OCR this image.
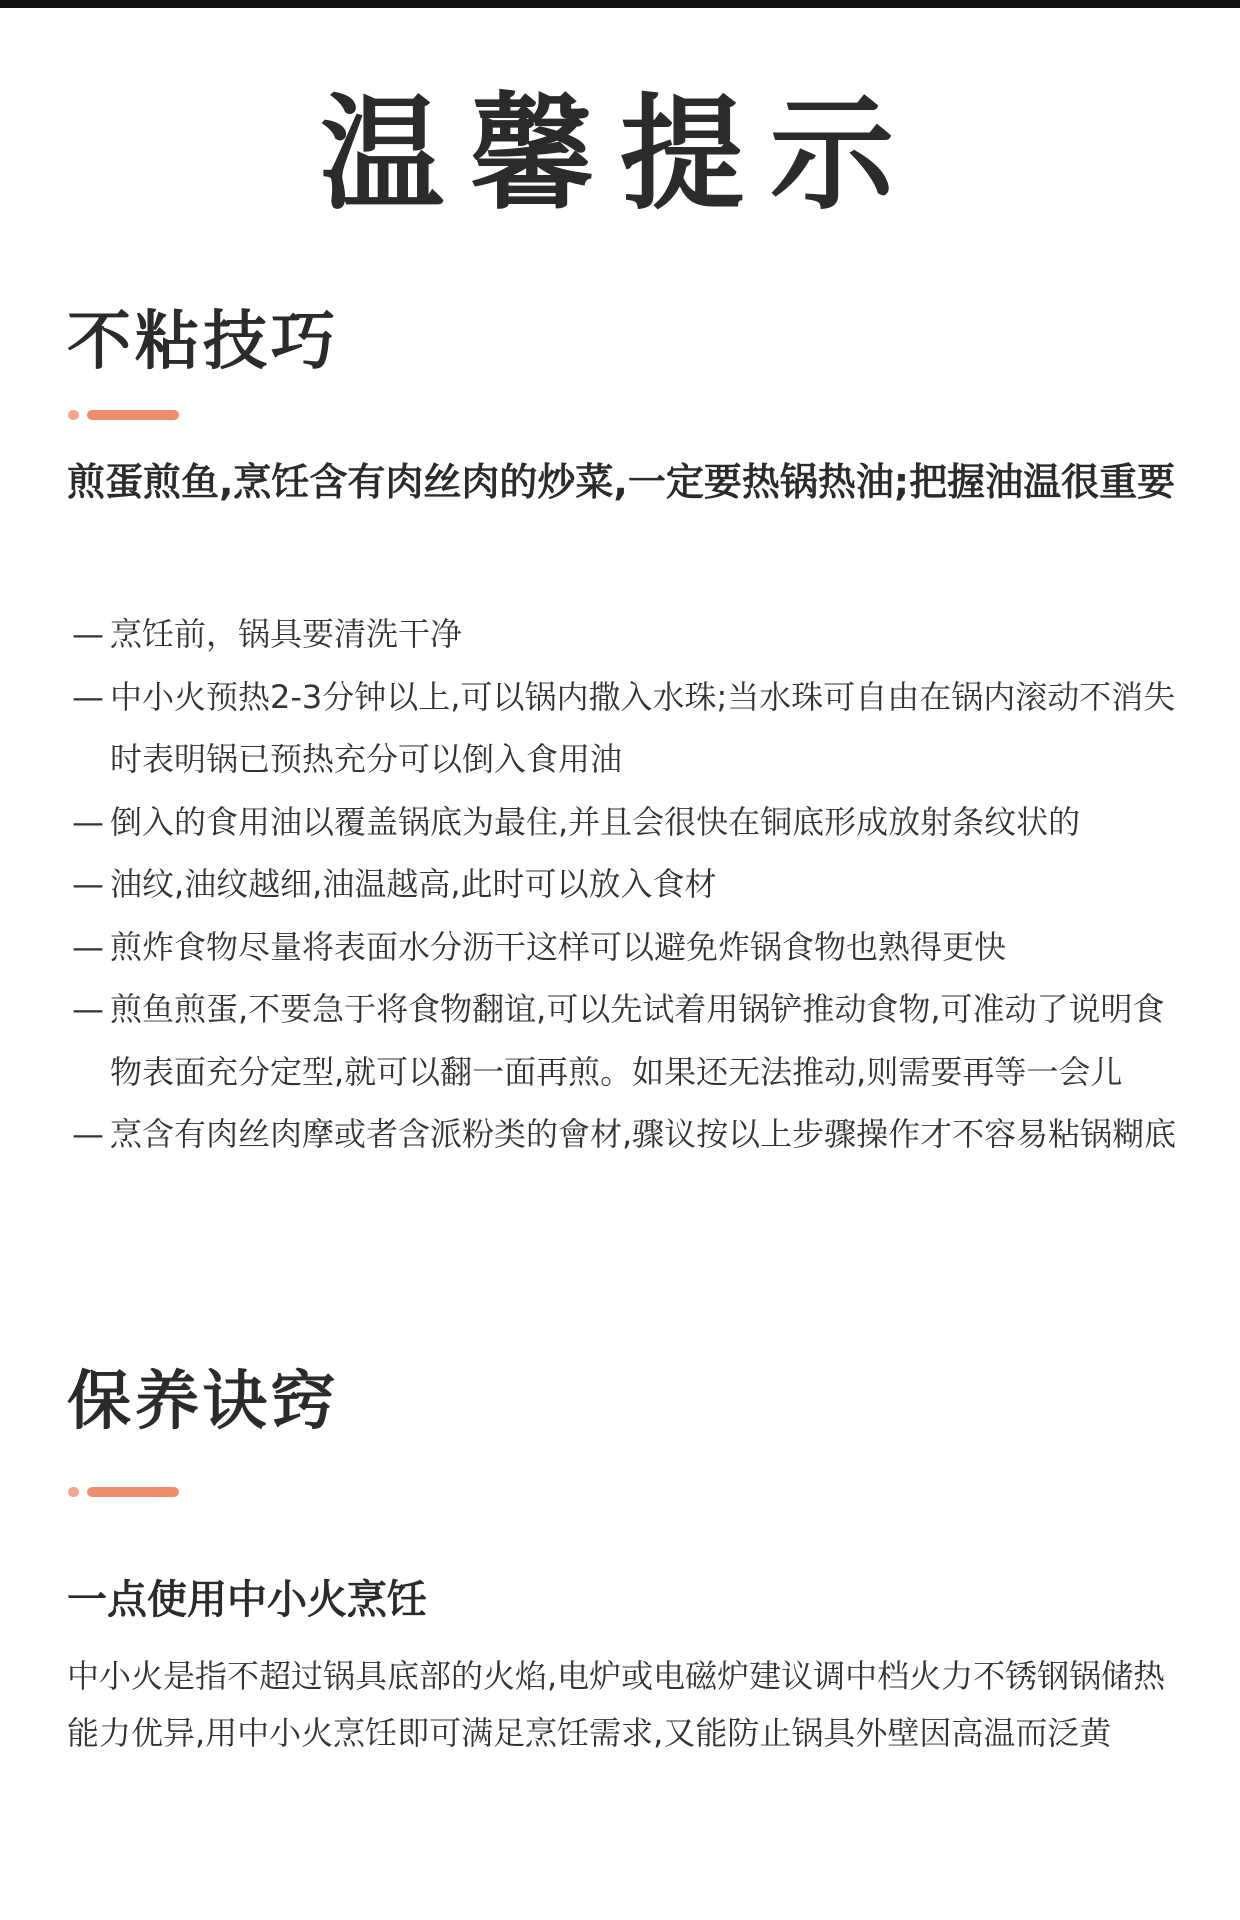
温馨提示
不粘技巧
煎蛋煎鱼,烹饪含有肉丝肉的炒菜,一定要热锅热油;把握油温很重要
— 烹饪前，锅具要清洗干净
— 中小火预热2-3分钟以上,可以锅内撒入水珠;当水珠可自由在锅内滚动不消失时表明锅已预热充分可以倒入食用油
— 倒入的食用油以覆盖锅底为最住,并且会很快在铜底形成放射条纹状的
— 油纹,油纹越细,油温越高,此时可以放入食材
— 煎炸食物尽量将表面水分沥干这样可以避免炸锅食物也熟得更快
— 煎鱼煎蛋,不要急于将食物翻谊,可以先试着用锅铲推动食物,可准动了说明食物表面充分定型,就可以翻一面再煎。如果还无法推动,则需要再等一会儿
— 烹含有肉丝肉摩或者含派粉类的會材,骤议按以上步骤操作才不容易粘锅糊底
保养诀窍
一点使用中小火烹饪
中小火是指不超过锅具底部的火焰,电炉或电磁炉建议调中档火力不锈钢锅储热能力优异,用中小火烹饪即可满足烹饪需求,又能防止锅具外壁因高温而泛黄
